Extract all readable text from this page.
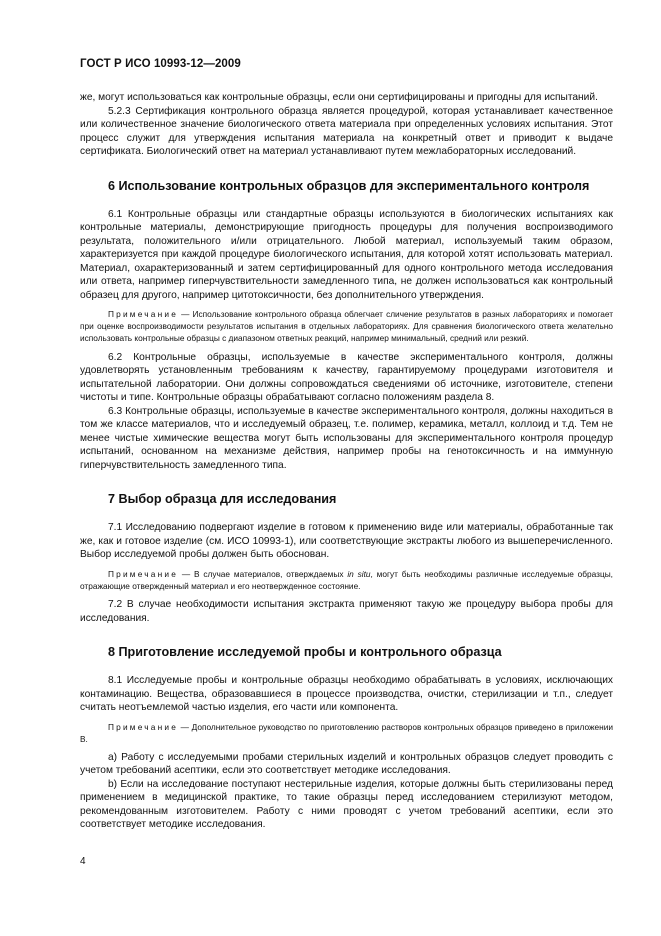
ГОСТ Р ИСО 10993-12—2009

же, могут использоваться как контрольные образцы, если они сертифицированы и пригодны для испытаний.

5.2.3 Сертификация контрольного образца является процедурой, которая устанавливает качественное или количественное значение биологического ответа материала при определенных условиях испытания. Этот процесс служит для утверждения испытания материала на конкретный ответ и приводит к выдаче сертификата. Биологический ответ на материал устанавливают путем межлабораторных исследований.

6 Использование контрольных образцов для экспериментального контроля

6.1 Контрольные образцы или стандартные образцы используются в биологических испытаниях как контрольные материалы, демонстрирующие пригодность процедуры для получения воспроизводимого результата, положительного и/или отрицательного. Любой материал, используемый таким образом, характеризуется при каждой процедуре биологического испытания, для которой хотят использовать материал. Материал, охарактеризованный и затем сертифицированный для одного контрольного метода исследования или ответа, например гиперчувствительности замедленного типа, не должен использоваться как контрольный образец для другого, например цитотоксичности, без дополнительного утверждения.

Примечание — Использование контрольного образца облегчает сличение результатов в разных лабораториях и помогает при оценке воспроизводимости результатов испытания в отдельных лабораториях. Для сравнения биологического ответа желательно использовать контрольные образцы с диапазоном ответных реакций, например минимальный, средний или резкий.

6.2 Контрольные образцы, используемые в качестве экспериментального контроля, должны удовлетворять установленным требованиям к качеству, гарантируемому процедурами изготовителя и испытательной лаборатории. Они должны сопровождаться сведениями об источнике, изготовителе, степени чистоты и типе. Контрольные образцы обрабатывают согласно положениям раздела 8.

6.3 Контрольные образцы, используемые в качестве экспериментального контроля, должны находиться в том же классе материалов, что и исследуемый образец, т.е. полимер, керамика, металл, коллоид и т.д. Тем не менее чистые химические вещества могут быть использованы для экспериментального контроля процедур испытаний, основанном на механизме действия, например пробы на генотоксичность и на иммунную гиперчувствительность замедленного типа.

7 Выбор образца для исследования

7.1 Исследованию подвергают изделие в готовом к применению виде или материалы, обработанные так же, как и готовое изделие (см. ИСО 10993-1), или соответствующие экстракты любого из вышеперечисленного. Выбор исследуемой пробы должен быть обоснован.

Примечание — В случае материалов, отверждаемых in situ, могут быть необходимы различные исследуемые образцы, отражающие отвержденный материал и его неотвержденное состояние.

7.2 В случае необходимости испытания экстракта применяют такую же процедуру выбора пробы для исследования.

8 Приготовление исследуемой пробы и контрольного образца

8.1 Исследуемые пробы и контрольные образцы необходимо обрабатывать в условиях, исключающих контаминацию. Вещества, образовавшиеся в процессе производства, очистки, стерилизации и т.п., следует считать неотъемлемой частью изделия, его части или компонента.

Примечание — Дополнительное руководство по приготовлению растворов контрольных образцов приведено в приложении В.

a) Работу с исследуемыми пробами стерильных изделий и контрольных образцов следует проводить с учетом требований асептики, если это соответствует методике исследования.

b) Если на исследование поступают нестерильные изделия, которые должны быть стерилизованы перед применением в медицинской практике, то такие образцы перед исследованием стерилизуют методом, рекомендованным изготовителем. Работу с ними проводят с учетом требований асептики, если это соответствует методике исследования.

4
